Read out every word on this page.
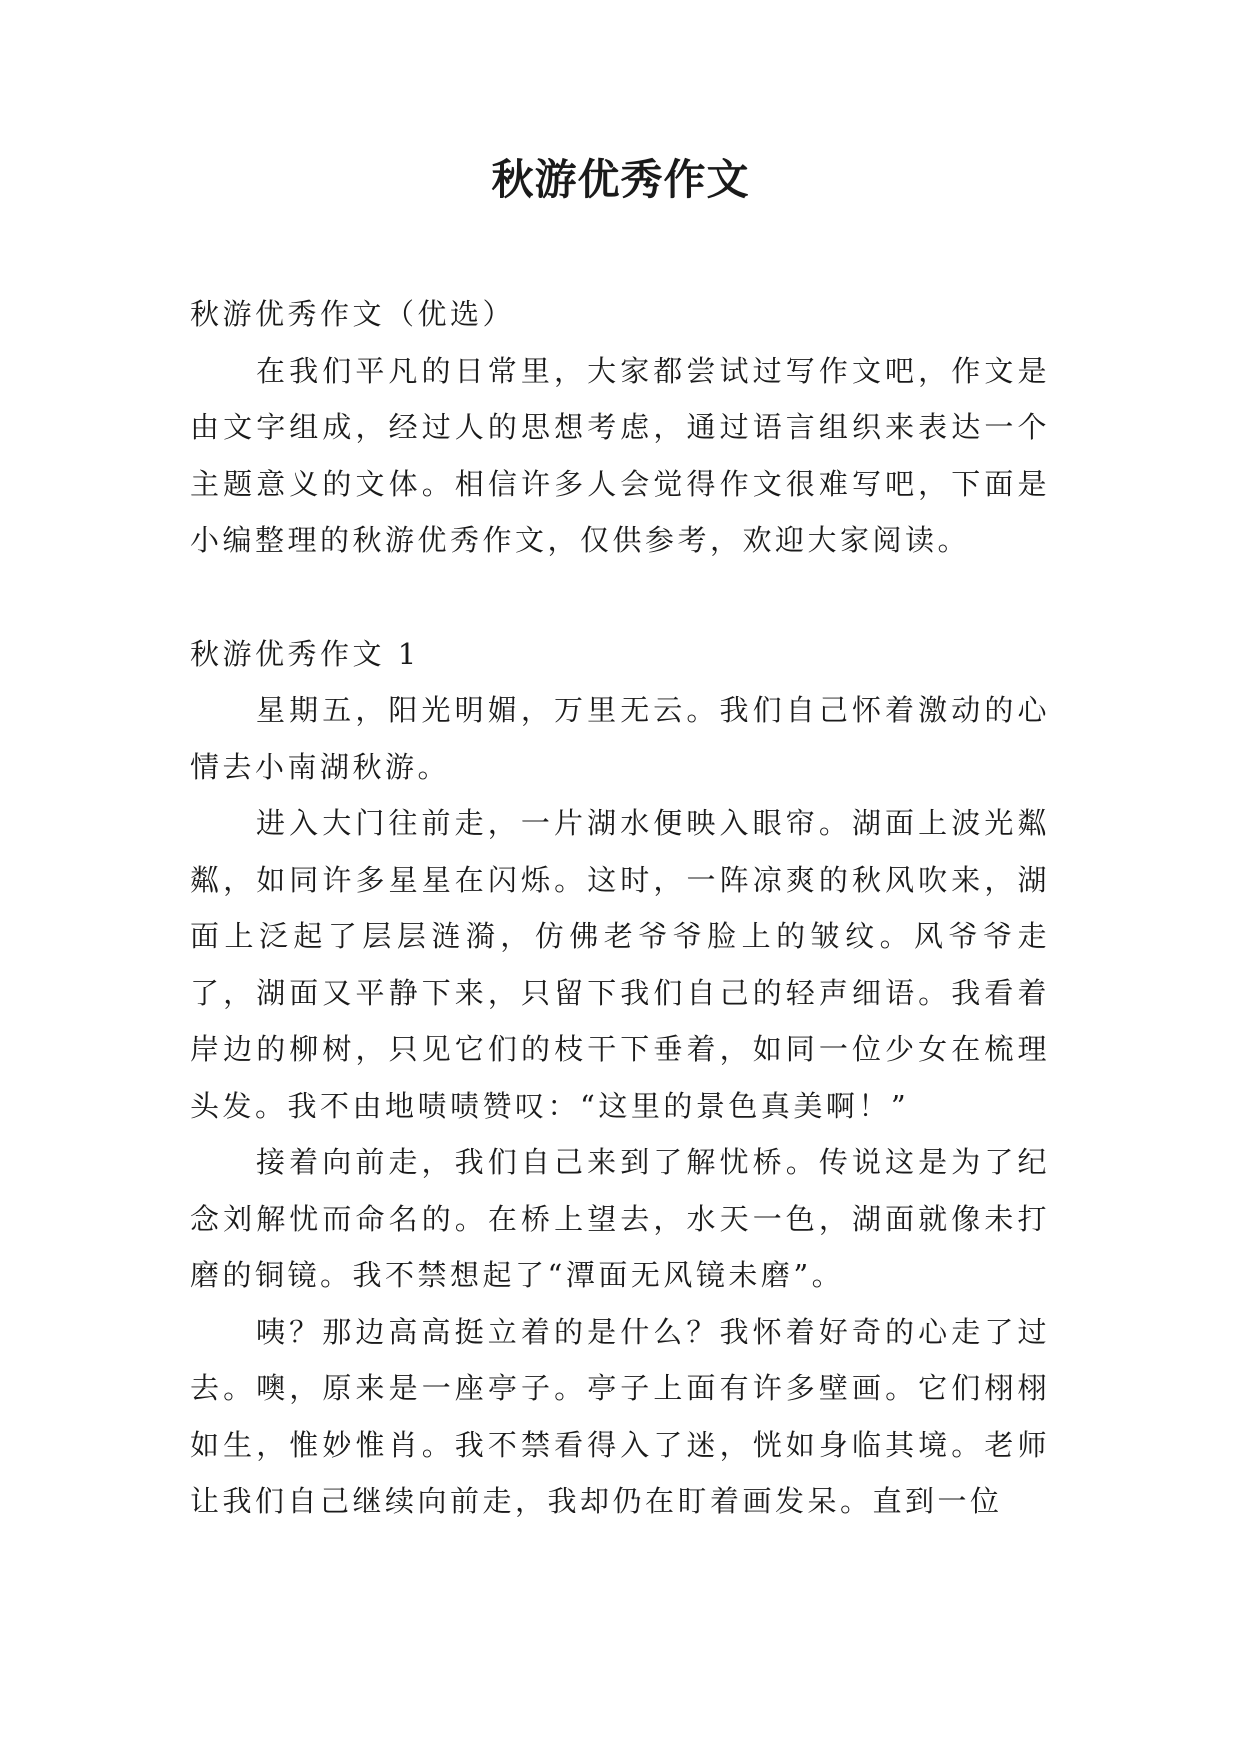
秋游优秀作文

秋游优秀作文（优选）

在我们平凡的日常里，大家都尝试过写作文吧，作文是由文字组成，经过人的思想考虑，通过语言组织来表达一个主题意义的文体。相信许多人会觉得作文很难写吧，下面是小编整理的秋游优秀作文，仅供参考，欢迎大家阅读。

秋游优秀作文 1

星期五，阳光明媚，万里无云。我们自己怀着激动的心情去小南湖秋游。

进入大门往前走，一片湖水便映入眼帘。湖面上波光粼粼，如同许多星星在闪烁。这时，一阵凉爽的秋风吹来，湖面上泛起了层层涟漪，仿佛老爷爷脸上的皱纹。风爷爷走了，湖面又平静下来，只留下我们自己的轻声细语。我看着岸边的柳树，只见它们的枝干下垂着，如同一位少女在梳理头发。我不由地啧啧赞叹：“这里的景色真美啊！”

接着向前走，我们自己来到了解忧桥。传说这是为了纪念刘解忧而命名的。在桥上望去，水天一色，湖面就像未打磨的铜镜。我不禁想起了“潭面无风镜未磨”。

咦？那边高高挺立着的是什么？我怀着好奇的心走了过去。噢，原来是一座亭子。亭子上面有许多壁画。它们栩栩如生，惟妙惟肖。我不禁看得入了迷，恍如身临其境。老师让我们自己继续向前走，我却仍在盯着画发呆。直到一位
